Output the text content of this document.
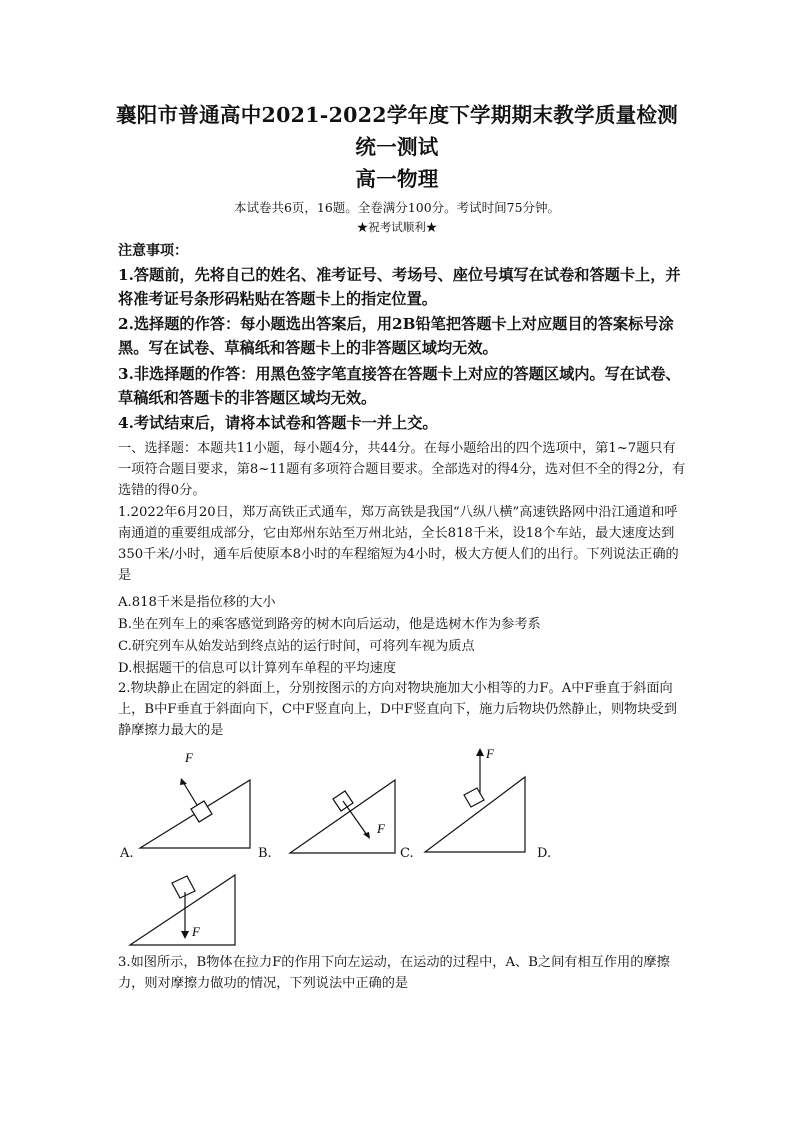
襄阳市普通高中2021-2022学年度下学期期末教学质量检测
统一测试
高一物理
本试卷共6页，16题。全卷满分100分。考试时间75分钟。
★祝考试顺利★
注意事项：
1.答题前，先将自己的姓名、准考证号、考场号、座位号填写在试卷和答题卡上，并将准考证号条形码粘贴在答题卡上的指定位置。
2.选择题的作答：每小题选出答案后，用2B铅笔把答题卡上对应题目的答案标号涂黑。写在试卷、草稿纸和答题卡上的非答题区域均无效。
3.非选择题的作答：用黑色签字笔直接答在答题卡上对应的答题区域内。写在试卷、草稿纸和答题卡的非答题区域均无效。
4.考试结束后，请将本试卷和答题卡一并上交。
一、选择题：本题共11小题，每小题4分，共44分。在每小题给出的四个选项中，第1~7题只有一项符合题目要求，第8~11题有多项符合题目要求。全部选对的得4分，选对但不全的得2分，有选错的得0分。
1.2022年6月20日，郑万高铁正式通车，郑万高铁是我国“八纵八横”高速铁路网中沿江通道和呼南通道的重要组成部分，它由郑州东站至万州北站，全长818千米，设18个车站，最大速度达到350千米/小时，通车后使原本8小时的车程缩短为4小时，极大方便人们的出行。下列说法正确的是
A.818千米是指位移的大小
B.坐在列车上的乘客感觉到路旁的树木向后运动，他是选树木作为参考系
C.研究列车从始发站到终点站的运行时间，可将列车视为质点
D.根据题干的信息可以计算列车单程的平均速度
2.物块静止在固定的斜面上，分别按图示的方向对物块施加大小相等的力F。A中F垂直于斜面向上，B中F垂直于斜面向下，C中F竖直向上，D中F竖直向下，施力后物块仍然静止，则物块受到静摩擦力最大的是
F
A.
F
B.
F
C.	D.
F
3.如图所示，B物体在拉力F的作用下向左运动，在运动的过程中，A、B之间有相互作用的摩擦力，则对摩擦力做功的情况，下列说法中正确的是
